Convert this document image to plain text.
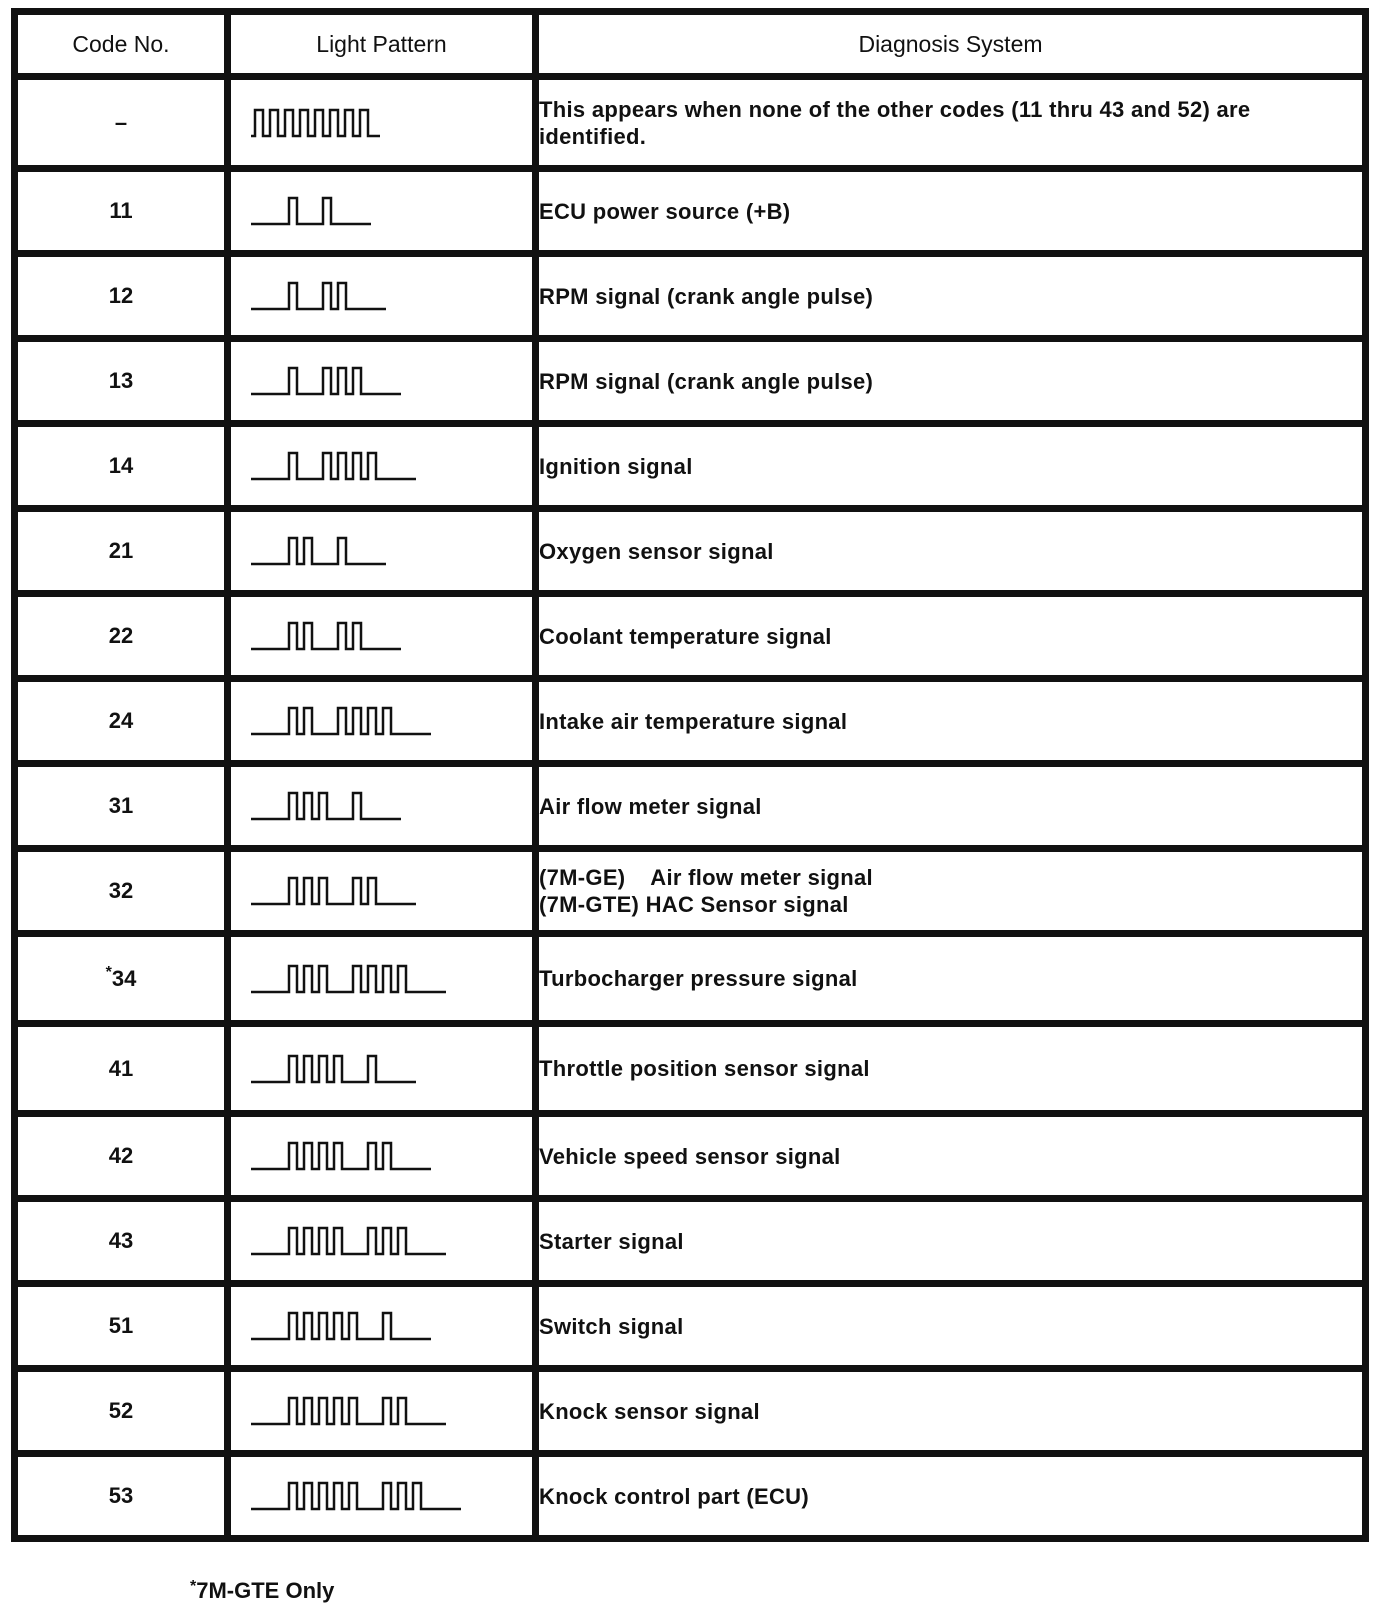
Code No.	Light Pattern	Diagnosis System
–		This appears when none of the other codes (11 thru 43 and 52) are identified.

11		ECU power source (+B)

12		RPM signal (crank angle pulse)

13		RPM signal (crank angle pulse)

14		Ignition signal

21		Oxygen sensor signal

22		Coolant temperature signal

24		Intake air temperature signal

31		Air flow meter signal

32		(7M-GE)    Air flow meter signal
(7M-GTE) HAC Sensor signal

*34		Turbocharger pressure signal

41		Throttle position sensor signal

42		Vehicle speed sensor signal

43		Starter signal

51		Switch signal

52		Knock sensor signal

53		Knock control part (ECU)
*7M-GTE Only
